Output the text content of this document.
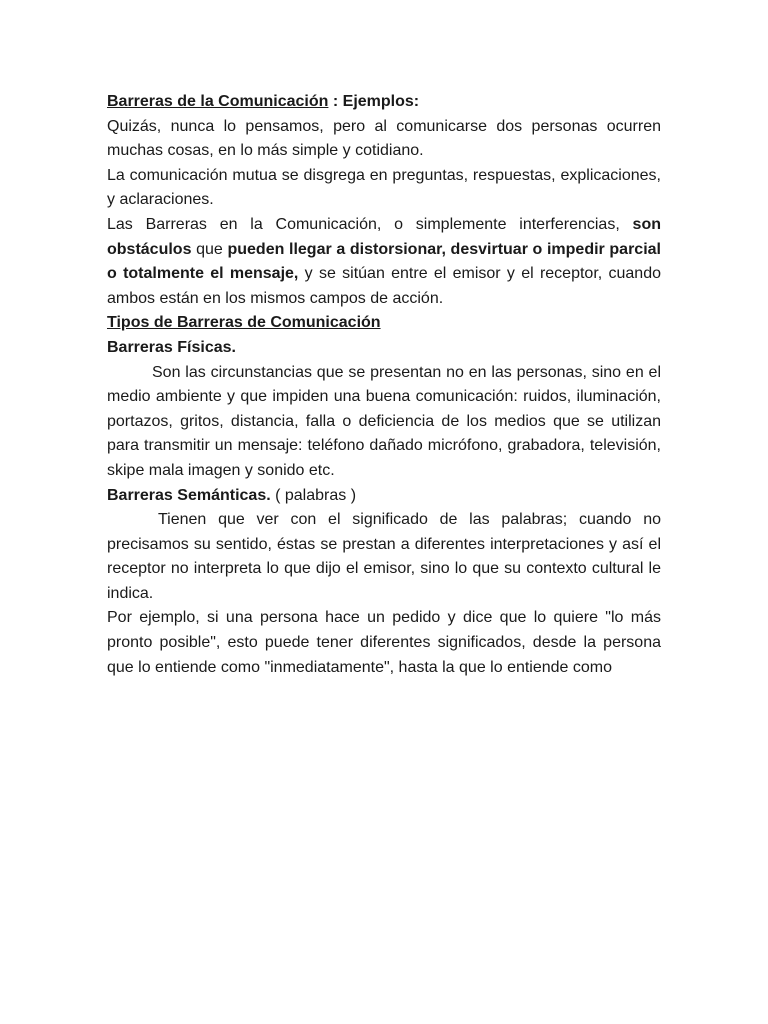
Barreras de la Comunicación : Ejemplos:

Quizás, nunca lo pensamos, pero al comunicarse dos personas ocurren muchas cosas, en lo más simple y cotidiano.

La comunicación mutua se disgrega en preguntas, respuestas, explicaciones, y aclaraciones.

Las Barreras en la Comunicación, o simplemente interferencias, son obstáculos que pueden llegar a distorsionar, desvirtuar o impedir parcial o totalmente el mensaje, y se sitúan entre el emisor y el receptor, cuando ambos están en los mismos campos de acción.

Tipos de Barreras de Comunicación

Barreras Físicas.

Son las circunstancias que se presentan no en las personas, sino en el medio ambiente y que impiden una buena comunicación: ruidos, iluminación, portazos, gritos, distancia, falla o deficiencia de los medios que se utilizan para transmitir un mensaje: teléfono dañado micrófono, grabadora, televisión, skipe mala imagen y sonido etc.

Barreras Semánticas. ( palabras )

Tienen que ver con el significado de las palabras; cuando no precisamos su sentido, éstas se prestan a diferentes interpretaciones y así el receptor no interpreta lo que dijo el emisor, sino lo que su contexto cultural le indica.

Por ejemplo, si una persona hace un pedido y dice que lo quiere "lo más pronto posible", esto puede tener diferentes significados, desde la persona que lo entiende como "inmediatamente", hasta la que lo entiende como
